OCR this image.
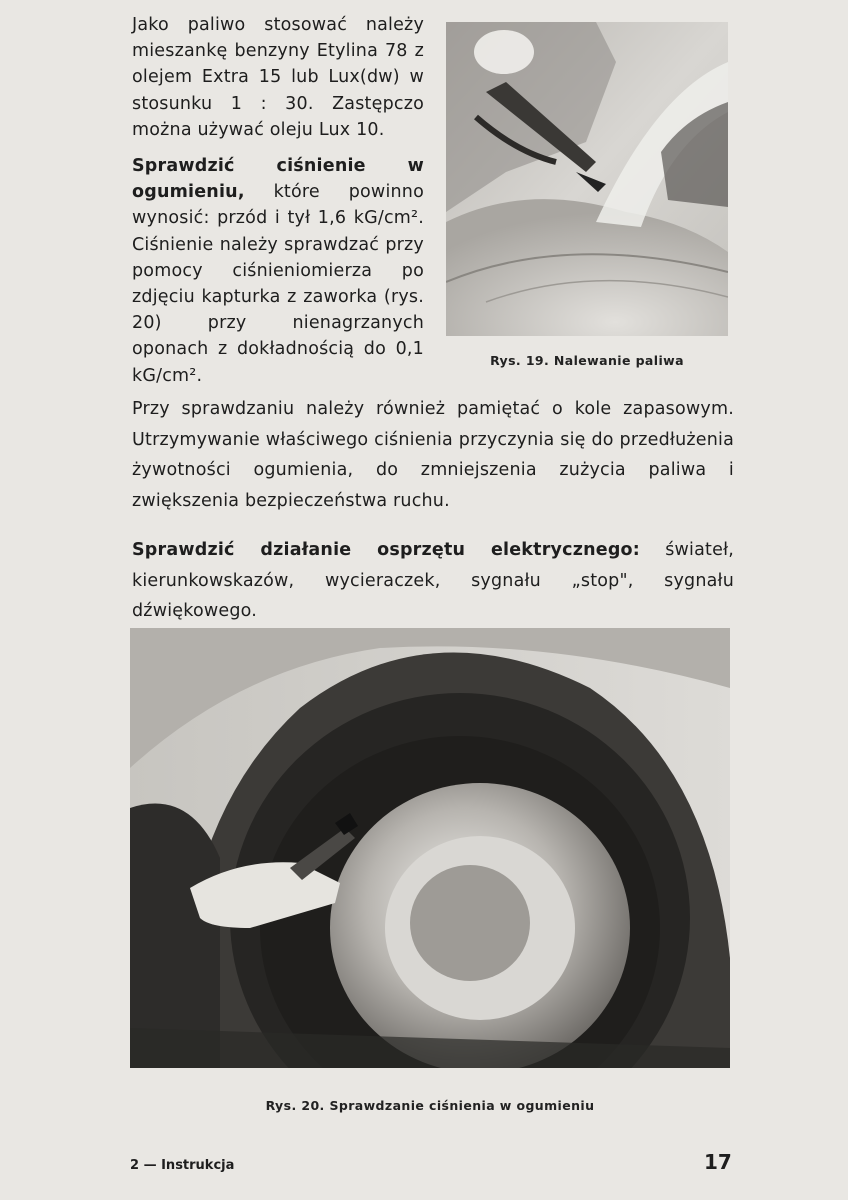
Jako paliwo stosować należy mieszankę benzyny Etylina 78 z olejem Extra 15 lub Lux(dw) w stosunku 1 : 30. Zastępczo można używać oleju Lux 10.

Sprawdzić ciśnienie w ogumieniu, które powinno wynosić: przód i tył 1,6 kG/cm². Ciśnienie należy sprawdzać przy pomocy ciśnieniomierza po zdjęciu kapturka z zaworka (rys. 20) przy nienagrzanych oponach z dokładnością do 0,1 kG/cm².

Rys. 19. Nalewanie paliwa

Przy sprawdzaniu należy również pamiętać o kole zapasowym. Utrzymywanie właściwego ciśnienia przyczynia się do przedłużenia żywotności ogumienia, do zmniejszenia zużycia paliwa i zwiększenia bezpieczeństwa ruchu.

Sprawdzić działanie osprzętu elektrycznego: świateł, kierunkowskazów, wycieraczek, sygnału „stop", sygnału dźwiękowego.

Rys. 20. Sprawdzanie ciśnienia w ogumieniu
2 — Instrukcja	17
